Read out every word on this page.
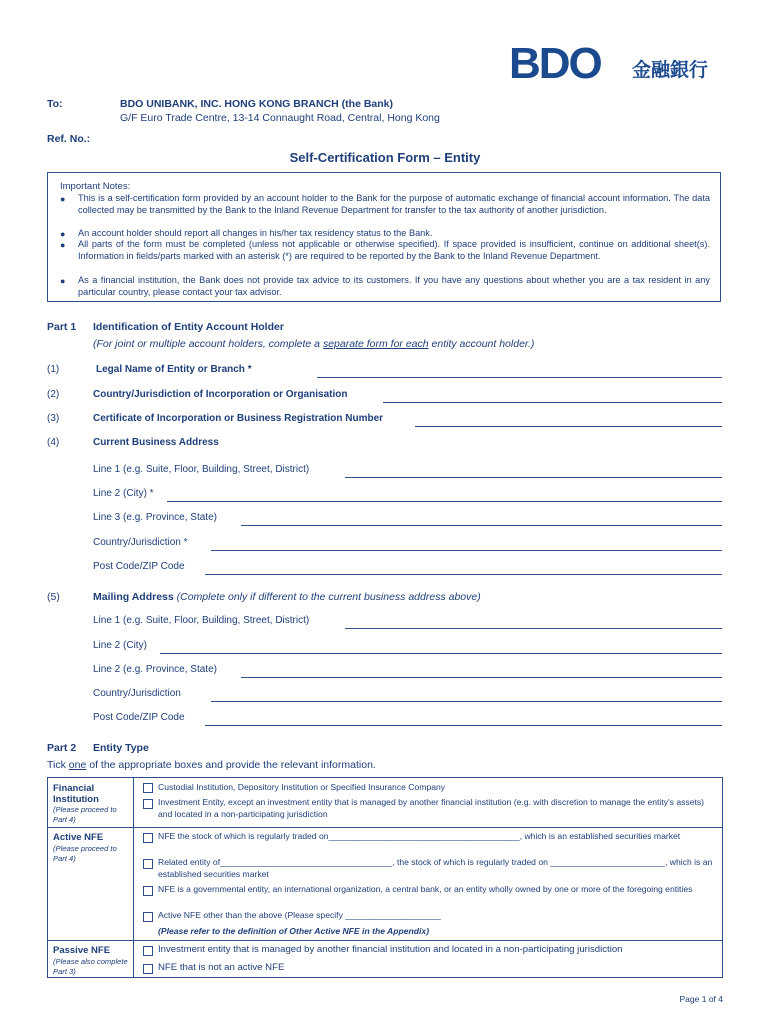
BDO	金融銀行
To:	BDO UNIBANK, INC. HONG KONG BRANCH (the Bank)
G/F Euro Trade Centre, 13-14 Connaught Road, Central, Hong Kong
Ref. No.:
Self-Certification Form – Entity
Important Notes:
● This is a self-certification form provided by an account holder to the Bank for the purpose of automatic exchange of financial account information. The data collected may be transmitted by the Bank to the Inland Revenue Department for transfer to the tax authority of another jurisdiction.
● An account holder should report all changes in his/her tax residency status to the Bank.
● All parts of the form must be completed (unless not applicable or otherwise specified). If space provided is insufficient, continue on additional sheet(s). Information in fields/parts marked with an asterisk (*) are required to be reported by the Bank to the Inland Revenue Department.
● As a financial institution, the Bank does not provide tax advice to its customers. If you have any questions about whether you are a tax resident in any particular country, please contact your tax advisor.
Part 1 Identification of Entity Account Holder
(For joint or multiple account holders, complete a separate form for each entity account holder.)
(1)	Legal Name of Entity or Branch *
(2)	Country/Jurisdiction of Incorporation or Organisation
(3)	Certificate of Incorporation or Business Registration Number
(4)	Current Business Address
Line 1 (e.g. Suite, Floor, Building, Street, District)
Line 2 (City) *
Line 3 (e.g. Province, State)
Country/Jurisdiction *
Post Code/ZIP Code
(5)	Mailing Address (Complete only if different to the current business address above)
Line 1 (e.g. Suite, Floor, Building, Street, District)
Line 2 (City)
Line 2 (e.g. Province, State)
Country/Jurisdiction
Post Code/ZIP Code
Part 2 Entity Type
Tick one of the appropriate boxes and provide the relevant information.
Financial Institution
(Please proceed to Part 4)
Custodial Institution, Depository Institution or Specified Insurance Company
Investment Entity, except an investment entity that is managed by another financial institution (e.g. with discretion to manage the entity's assets) and located in a non-participating jurisdiction
Active NFE
(Please proceed to Part 4)
NFE the stock of which is regularly traded on________________________________________, which is an established securities market
Related entity of____________________________________, the stock of which is regularly traded on ________________________, which is an established securities market
NFE is a governmental entity, an international organization, a central bank, or an entity wholly owned by one or more of the foregoing entities
Active NFE other than the above (Please specify ____________________
(Please refer to the definition of Other Active NFE in the Appendix)
Passive NFE
(Please also complete Part 3)
Investment entity that is managed by another financial institution and located in a non-participating jurisdiction
NFE that is not an active NFE
Page 1 of 4
